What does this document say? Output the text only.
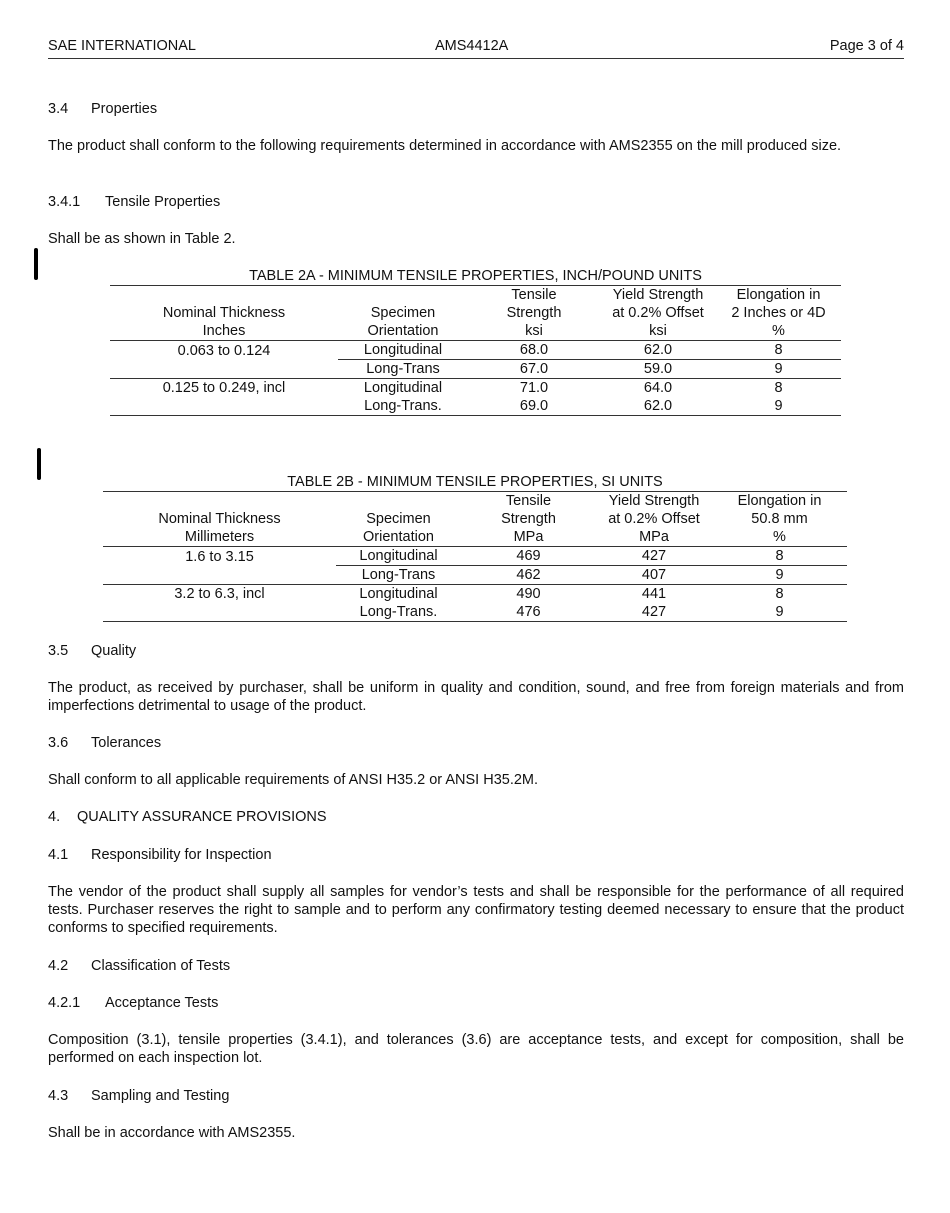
SAE INTERNATIONAL	AMS4412A	Page 3 of 4
3.4 Properties
The product shall conform to the following requirements determined in accordance with AMS2355 on the mill produced size.
3.4.1 Tensile Properties
Shall be as shown in Table 2.
TABLE 2A - MINIMUM TENSILE PROPERTIES, INCH/POUND UNITS
		Tensile	Yield Strength	Elongation in
Nominal Thickness	Specimen	Strength	at 0.2% Offset	2 Inches or 4D
Inches	Orientation	ksi	ksi	%
0.063 to 0.124	Longitudinal	68.0	62.0	8
	Long-Trans	67.0	59.0	9
0.125 to 0.249, incl	Longitudinal	71.0	64.0	8
	Long-Trans.	69.0	62.0	9
TABLE 2B - MINIMUM TENSILE PROPERTIES, SI UNITS
		Tensile	Yield Strength	Elongation in
Nominal Thickness	Specimen	Strength	at 0.2% Offset	50.8 mm
Millimeters	Orientation	MPa	MPa	%
1.6 to 3.15	Longitudinal	469	427	8
	Long-Trans	462	407	9
3.2 to 6.3, incl	Longitudinal	490	441	8
	Long-Trans.	476	427	9
3.5 Quality
The product, as received by purchaser, shall be uniform in quality and condition, sound, and free from foreign materials and from imperfections detrimental to usage of the product.
3.6 Tolerances
Shall conform to all applicable requirements of ANSI H35.2 or ANSI H35.2M.
4. QUALITY ASSURANCE PROVISIONS
4.1 Responsibility for Inspection
The vendor of the product shall supply all samples for vendor’s tests and shall be responsible for the performance of all required tests. Purchaser reserves the right to sample and to perform any confirmatory testing deemed necessary to ensure that the product conforms to specified requirements.
4.2 Classification of Tests
4.2.1 Acceptance Tests
Composition (3.1), tensile properties (3.4.1), and tolerances (3.6) are acceptance tests, and except for composition, shall be performed on each inspection lot.
4.3 Sampling and Testing
Shall be in accordance with AMS2355.
